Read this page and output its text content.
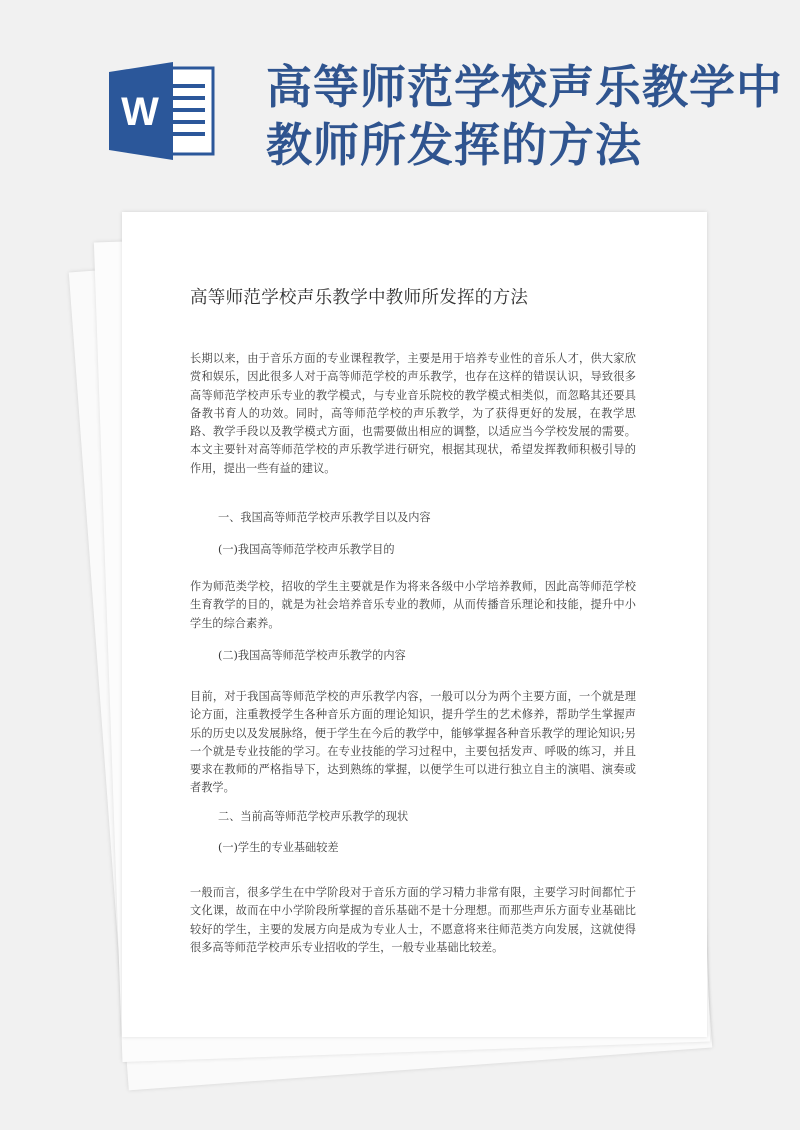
W 高等师范学校声乐教学中教师所发挥的方法
高等师范学校声乐教学中教师所发挥的方法

长期以来，由于音乐方面的专业课程教学，主要是用于培养专业性的音乐人才，供大家欣赏和娱乐，因此很多人对于高等师范学校的声乐教学，也存在这样的错误认识，导致很多高等师范学校声乐专业的教学模式，与专业音乐院校的教学模式相类似，而忽略其还要具备教书育人的功效。同时，高等师范学校的声乐教学，为了获得更好的发展，在教学思路、教学手段以及教学模式方面，也需要做出相应的调整，以适应当今学校发展的需要。本文主要针对高等师范学校的声乐教学进行研究，根据其现状，希望发挥教师积极引导的作用，提出一些有益的建议。

一、我国高等师范学校声乐教学目以及内容

(一)我国高等师范学校声乐教学目的

作为师范类学校，招收的学生主要就是作为将来各级中小学培养教师，因此高等师范学校生育教学的目的，就是为社会培养音乐专业的教师，从而传播音乐理论和技能，提升中小学生的综合素养。

(二)我国高等师范学校声乐教学的内容

目前，对于我国高等师范学校的声乐教学内容，一般可以分为两个主要方面，一个就是理论方面，注重教授学生各种音乐方面的理论知识，提升学生的艺术修养，帮助学生掌握声乐的历史以及发展脉络，便于学生在今后的教学中，能够掌握各种音乐教学的理论知识;另一个就是专业技能的学习。在专业技能的学习过程中，主要包括发声、呼吸的练习，并且要求在教师的严格指导下，达到熟练的掌握，以便学生可以进行独立自主的演唱、演奏或者教学。

二、当前高等师范学校声乐教学的现状

(一)学生的专业基础较差

一般而言，很多学生在中学阶段对于音乐方面的学习精力非常有限，主要学习时间都忙于文化课，故而在中小学阶段所掌握的音乐基础不是十分理想。而那些声乐方面专业基础比较好的学生，主要的发展方向是成为专业人士，不愿意将来往师范类方向发展，这就使得很多高等师范学校声乐专业招收的学生，一般专业基础比较差。
